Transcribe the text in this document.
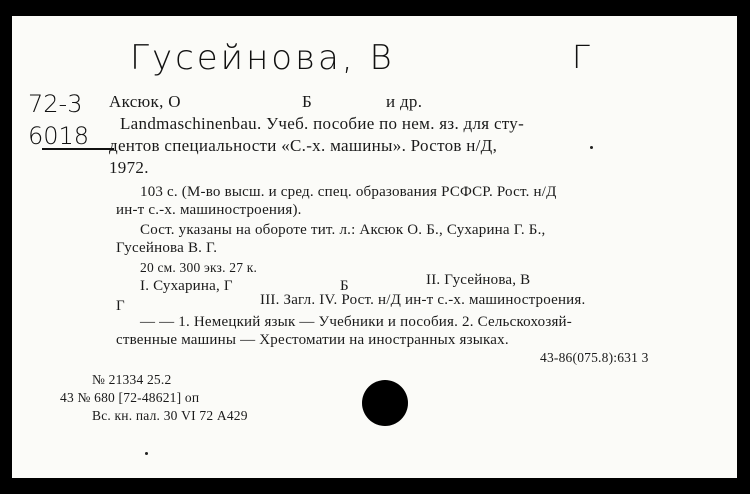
Гусейнова, В	Г
72-3
6018
Аксюк, О	Б	и др.
Landmaschinenbau. Учеб. пособие по нем. яз. для сту-
дентов специальности «С.-х. машины». Ростов н/Д,
1972.
103 с. (М-во высш. и сред. спец. образования РСФСР. Рост. н/Д
ин-т с.-х. машиностроения).
Сост. указаны на обороте тит. л.: Аксюк О. Б., Сухарина Г. Б.,
Гусейнова В. Г.
20 см. 300 экз. 27 к.
I. Сухарина, Г	Б	II. Гусейнова, В
Г	III. Загл. IV. Рост. н/Д ин-т с.-х. машиностроения.
— — 1. Немецкий язык — Учебники и пособия. 2. Сельскохозяй-
ственные машины — Хрестоматии на иностранных языках.
43-86(075.8):631 3
№ 21334 25.2
43 № 680 [72-48621] оп
Вс. кн. пал. 30 VI 72 А429
